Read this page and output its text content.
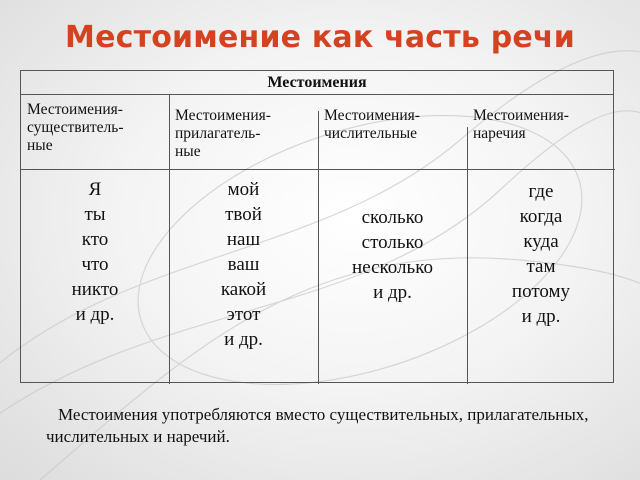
Местоимение как часть речи
Местоимения
Местоимения-
существитель-
ные
Местоимения-
прилагатель-
ные
Местоимения-
числительные
Местоимения-
наречия
Я
ты
кто
что
никто
и др.
мой
твой
наш
ваш
какой
этот
и др.
сколько
столько
несколько
и др.
где
когда
куда
там
потому
и др.
Местоимения употребляются вместо существительных, прилагательных, числительных и наречий.
